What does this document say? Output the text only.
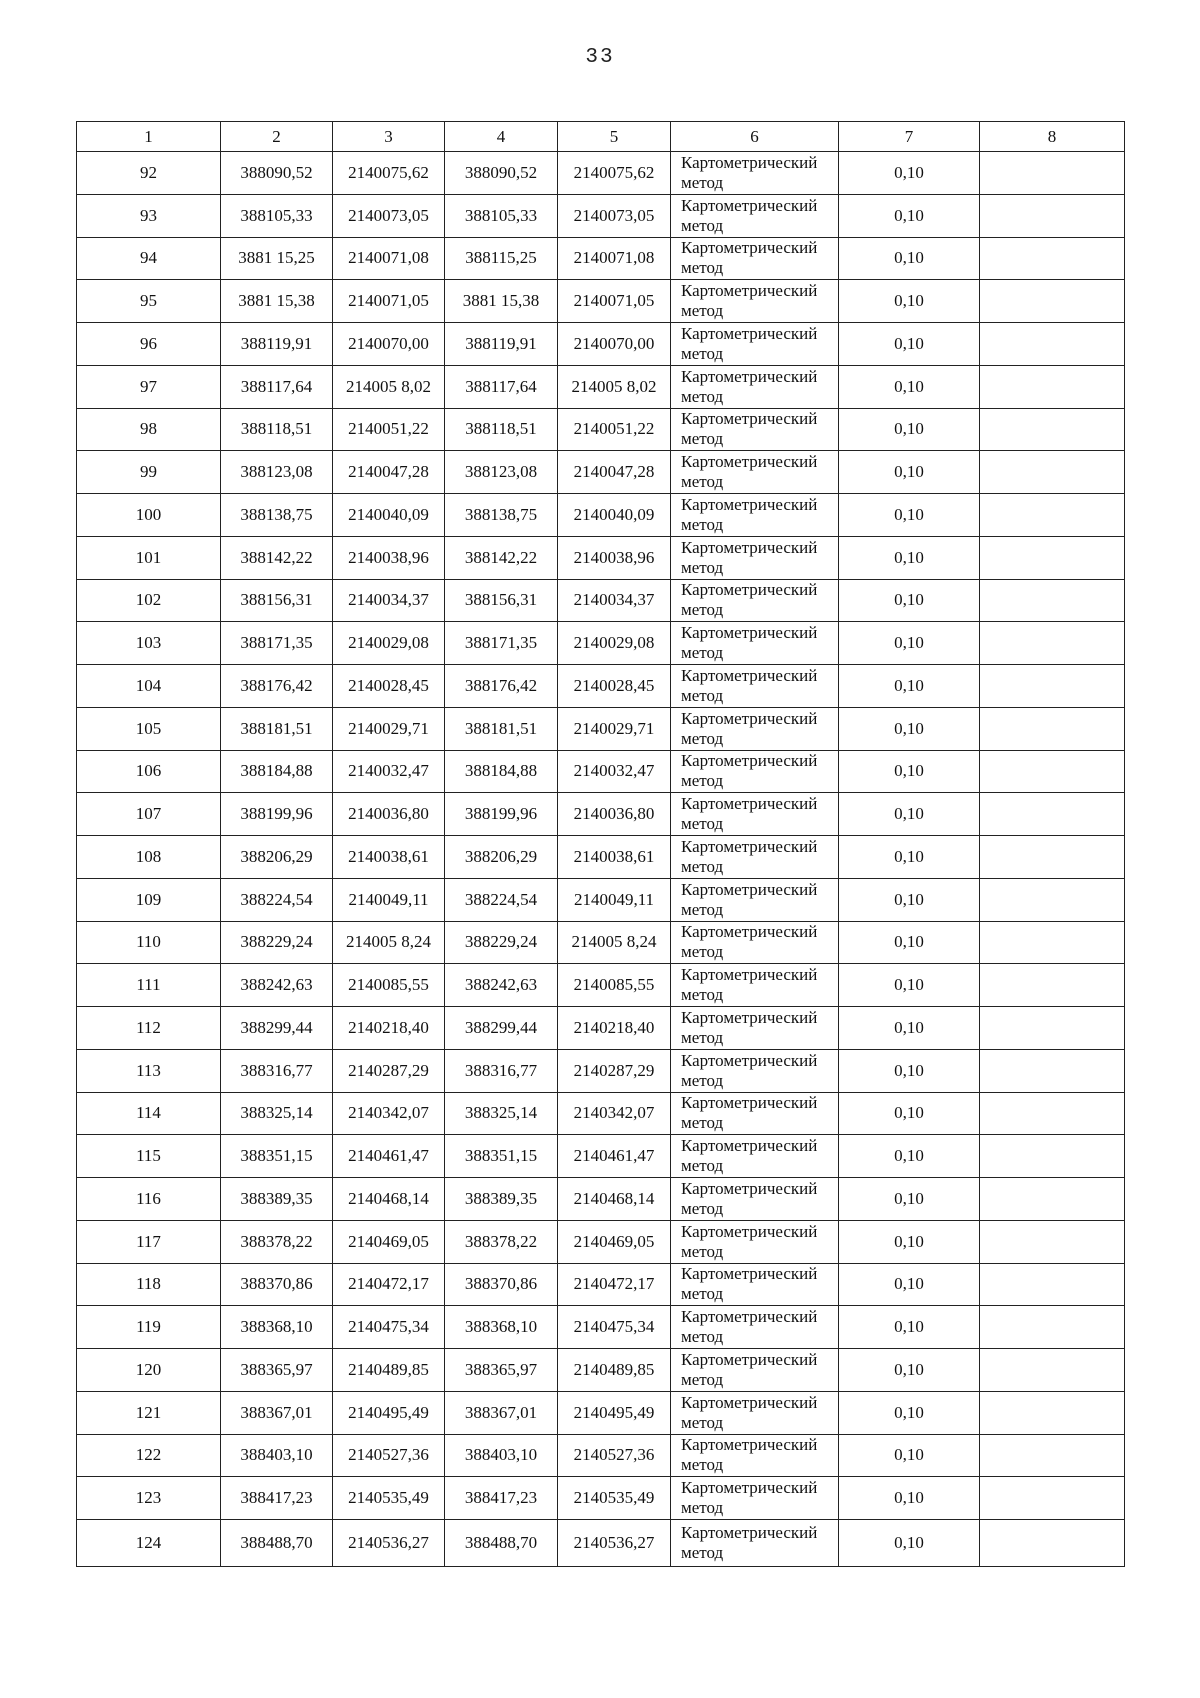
33
1	2	3	4	5	6	7	8
92	388090,52	2140075,62	388090,52	2140075,62	Картометрический
метод	0,10	
93	388105,33	2140073,05	388105,33	2140073,05	Картометрический
метод	0,10	
94	3881 15,25	2140071,08	388115,25	2140071,08	Картометрический
метод	0,10	
95	3881 15,38	2140071,05	3881 15,38	2140071,05	Картометрический
метод	0,10	
96	388119,91	2140070,00	388119,91	2140070,00	Картометрический
метод	0,10	
97	388117,64	214005 8,02	388117,64	214005 8,02	Картометрический
метод	0,10	
98	388118,51	2140051,22	388118,51	2140051,22	Картометрический
метод	0,10	
99	388123,08	2140047,28	388123,08	2140047,28	Картометрический
метод	0,10	
100	388138,75	2140040,09	388138,75	2140040,09	Картометрический
метод	0,10	
101	388142,22	2140038,96	388142,22	2140038,96	Картометрический
метод	0,10	
102	388156,31	2140034,37	388156,31	2140034,37	Картометрический
метод	0,10	
103	388171,35	2140029,08	388171,35	2140029,08	Картометрический
метод	0,10	
104	388176,42	2140028,45	388176,42	2140028,45	Картометрический
метод	0,10	
105	388181,51	2140029,71	388181,51	2140029,71	Картометрический
метод	0,10	
106	388184,88	2140032,47	388184,88	2140032,47	Картометрический
метод	0,10	
107	388199,96	2140036,80	388199,96	2140036,80	Картометрический
метод	0,10	
108	388206,29	2140038,61	388206,29	2140038,61	Картометрический
метод	0,10	
109	388224,54	2140049,11	388224,54	2140049,11	Картометрический
метод	0,10	
110	388229,24	214005 8,24	388229,24	214005 8,24	Картометрический
метод	0,10	
111	388242,63	2140085,55	388242,63	2140085,55	Картометрический
метод	0,10	
112	388299,44	2140218,40	388299,44	2140218,40	Картометрический
метод	0,10	
113	388316,77	2140287,29	388316,77	2140287,29	Картометрический
метод	0,10	
114	388325,14	2140342,07	388325,14	2140342,07	Картометрический
метод	0,10	
115	388351,15	2140461,47	388351,15	2140461,47	Картометрический
метод	0,10	
116	388389,35	2140468,14	388389,35	2140468,14	Картометрический
метод	0,10	
117	388378,22	2140469,05	388378,22	2140469,05	Картометрический
метод	0,10	
118	388370,86	2140472,17	388370,86	2140472,17	Картометрический
метод	0,10	
119	388368,10	2140475,34	388368,10	2140475,34	Картометрический
метод	0,10	
120	388365,97	2140489,85	388365,97	2140489,85	Картометрический
метод	0,10	
121	388367,01	2140495,49	388367,01	2140495,49	Картометрический
метод	0,10	
122	388403,10	2140527,36	388403,10	2140527,36	Картометрический
метод	0,10	
123	388417,23	2140535,49	388417,23	2140535,49	Картометрический
метод	0,10	
124	388488,70	2140536,27	388488,70	2140536,27	Картометрический
метод	0,10	
